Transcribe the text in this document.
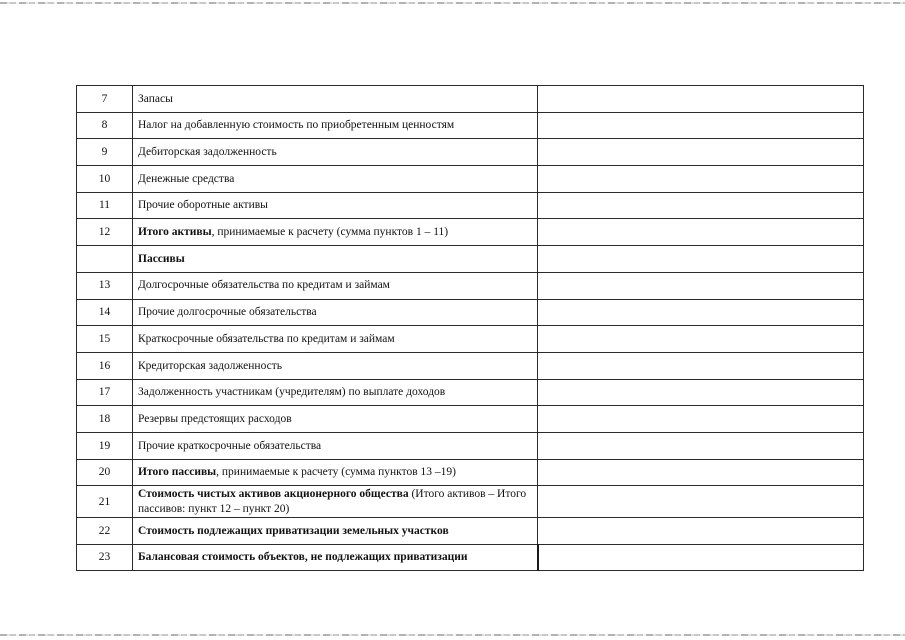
7	Запасы	
8	Налог на добавленную стоимость по приобретенным ценностям	
9	Дебиторская задолженность	
10	Денежные средства	
11	Прочие оборотные активы	
12	Итого активы, принимаемые к расчету (сумма пунктов 1 – 11)	
	Пассивы	
13	Долгосрочные обязательства по кредитам и займам	
14	Прочие долгосрочные обязательства	
15	Краткосрочные обязательства по кредитам и займам	
16	Кредиторская задолженность	
17	Задолженность участникам (учредителям) по выплате доходов	
18	Резервы предстоящих расходов	
19	Прочие краткосрочные обязательства	
20	Итого пассивы, принимаемые к расчету (сумма пунктов 13 –19)	
21	Стоимость чистых активов акционерного общества (Итого активов – Итого пассивов: пункт 12 – пункт 20)	
22	Стоимость подлежащих приватизации земельных участков	
23	Балансовая стоимость объектов, не подлежащих приватизации	
